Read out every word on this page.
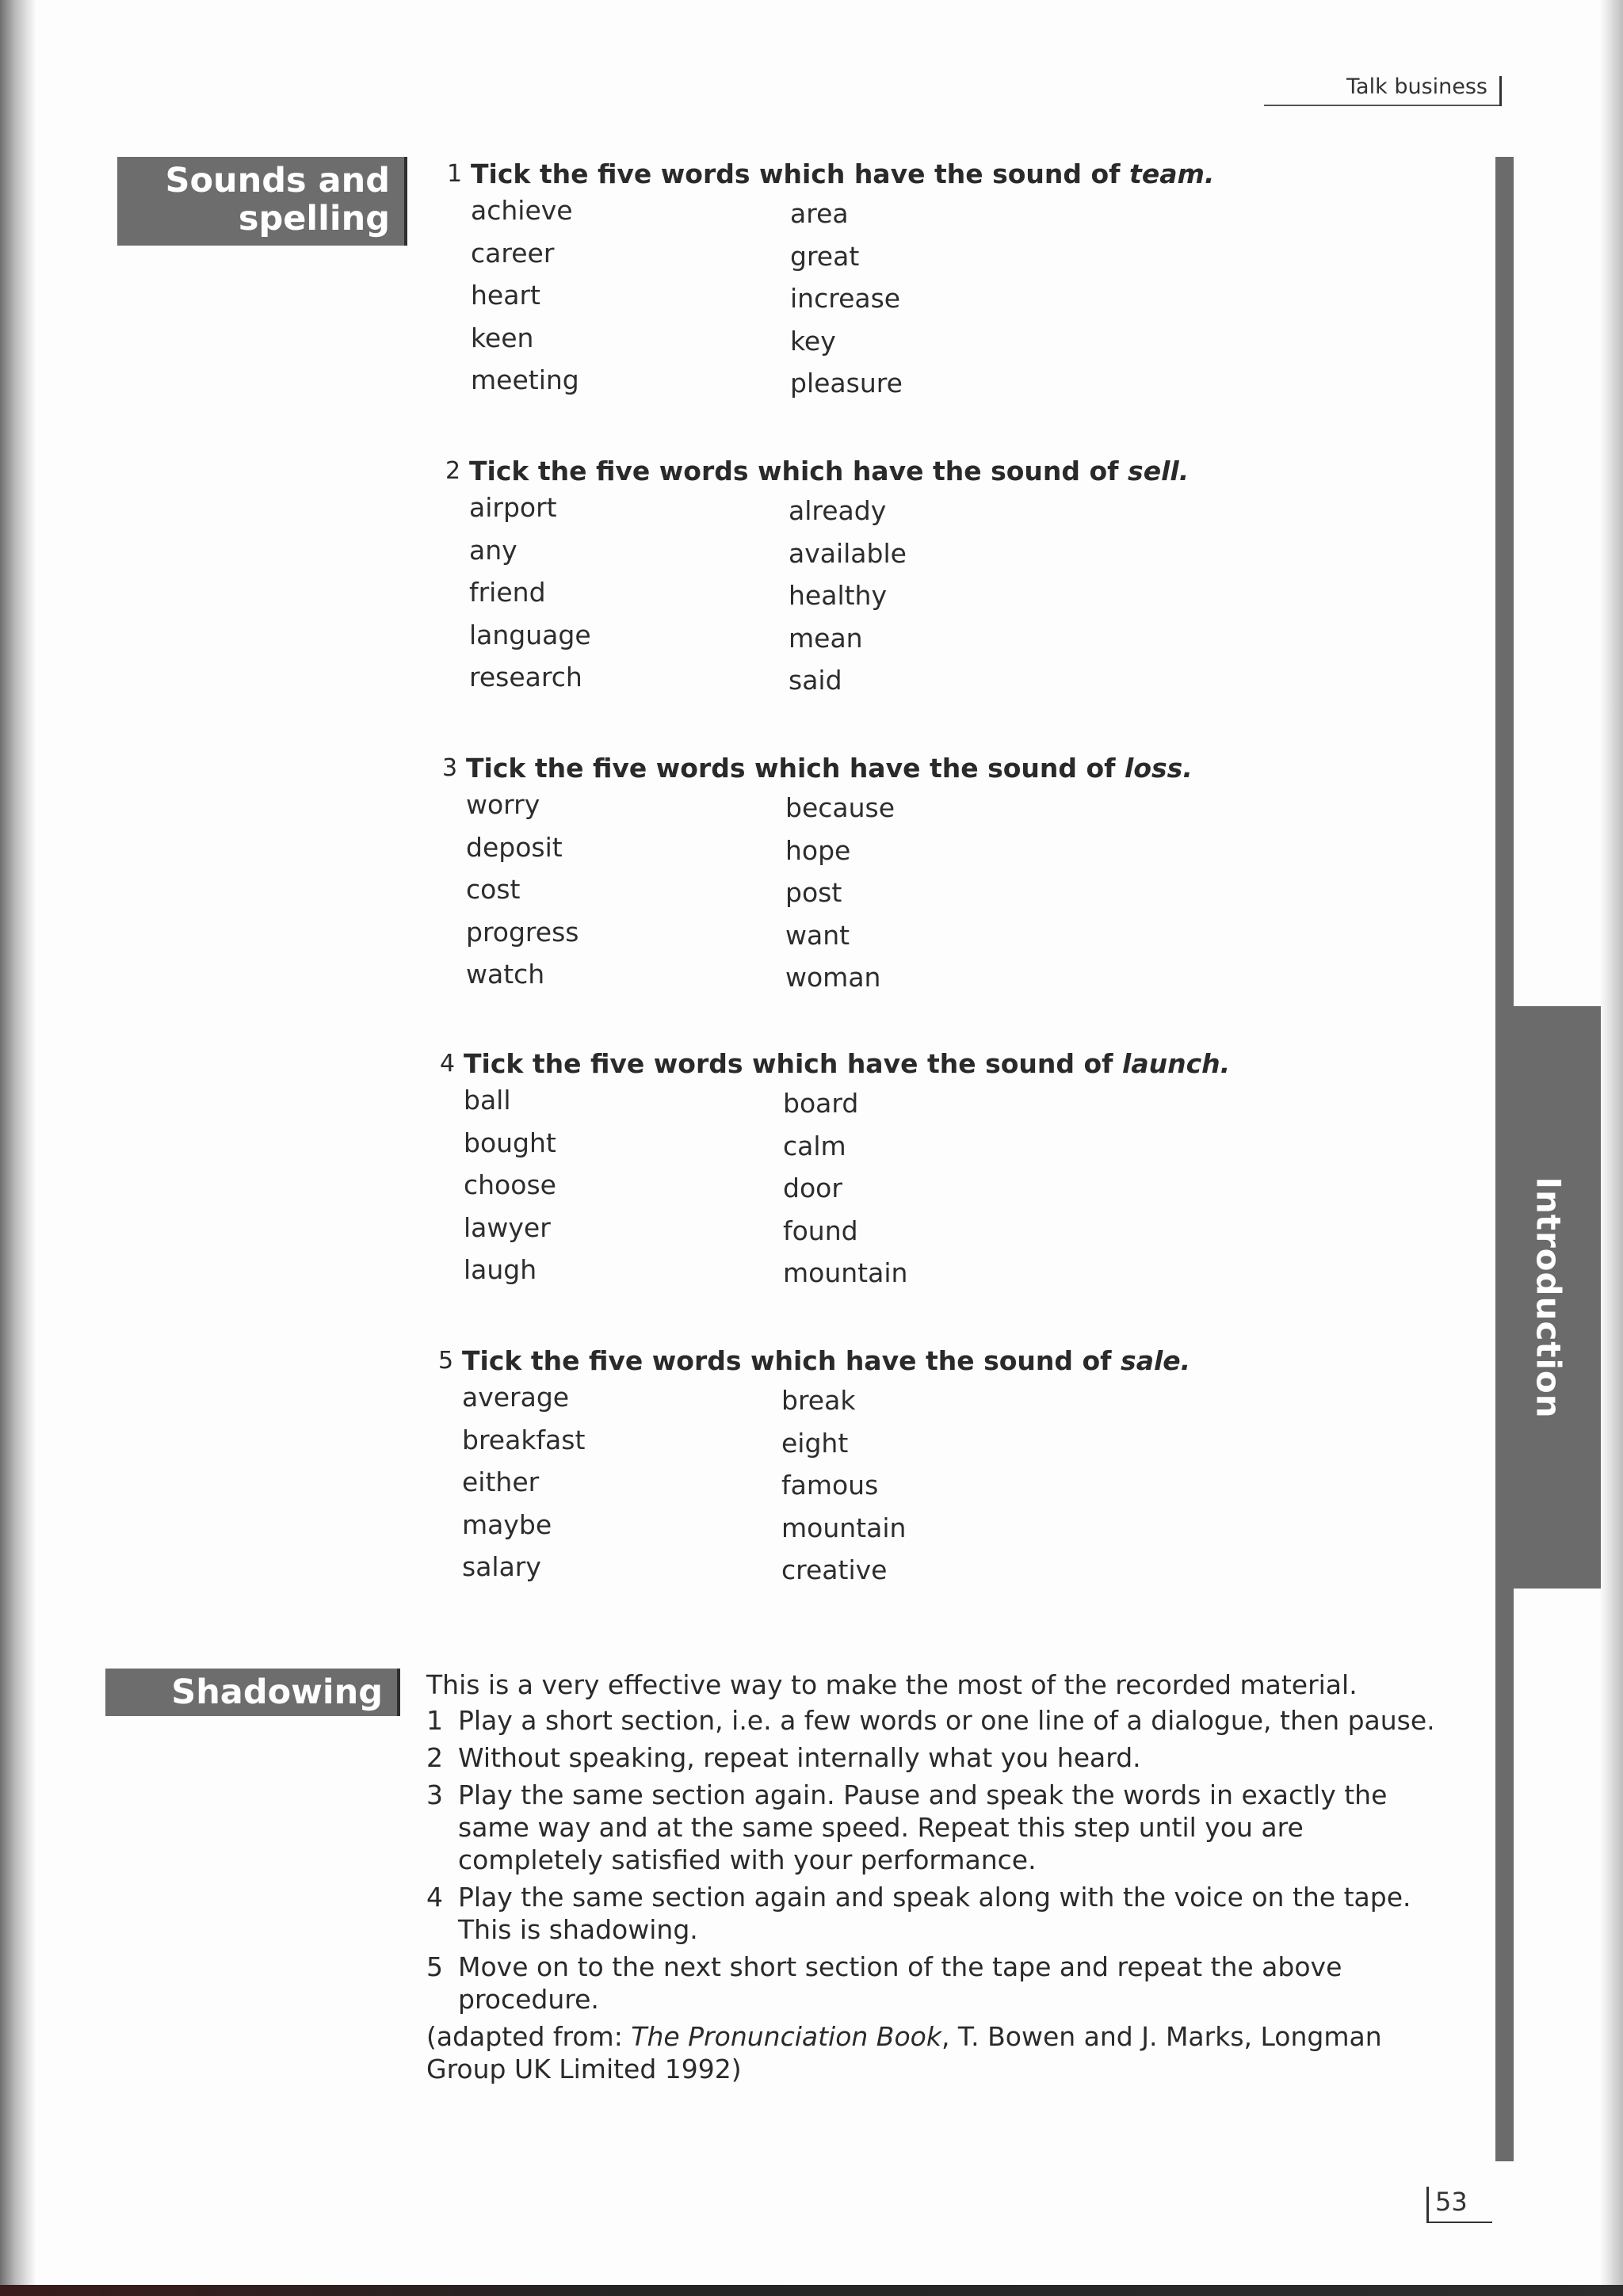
Talk business
Sounds and spelling
Shadowing
Introduction
1 Tick the five words which have the sound of team.
achieve
career
heart
keen
meeting
area
great
increase
key
pleasure
2 Tick the five words which have the sound of sell.
airport
any
friend
language
research
already
available
healthy
mean
said
3 Tick the five words which have the sound of loss.
worry
deposit
cost
progress
watch
because
hope
post
want
woman
4 Tick the five words which have the sound of launch.
ball
bought
choose
lawyer
laugh
board
calm
door
found
mountain
5 Tick the five words which have the sound of sale.
average
breakfast
either
maybe
salary
break
eight
famous
mountain
creative

This is a very effective way to make the most of the recorded material.

1 Play a short section, i.e. a few words or one line of a dialogue, then pause.
2 Without speaking, repeat internally what you heard.
3 Play the same section again. Pause and speak the words in exactly the same way and at the same speed. Repeat this step until you are completely satisfied with your performance.
4 Play the same section again and speak along with the voice on the tape. This is shadowing.
5 Move on to the next short section of the tape and repeat the above procedure.

(adapted from: The Pronunciation Book, T. Bowen and J. Marks, Longman Group UK Limited 1992)

53
